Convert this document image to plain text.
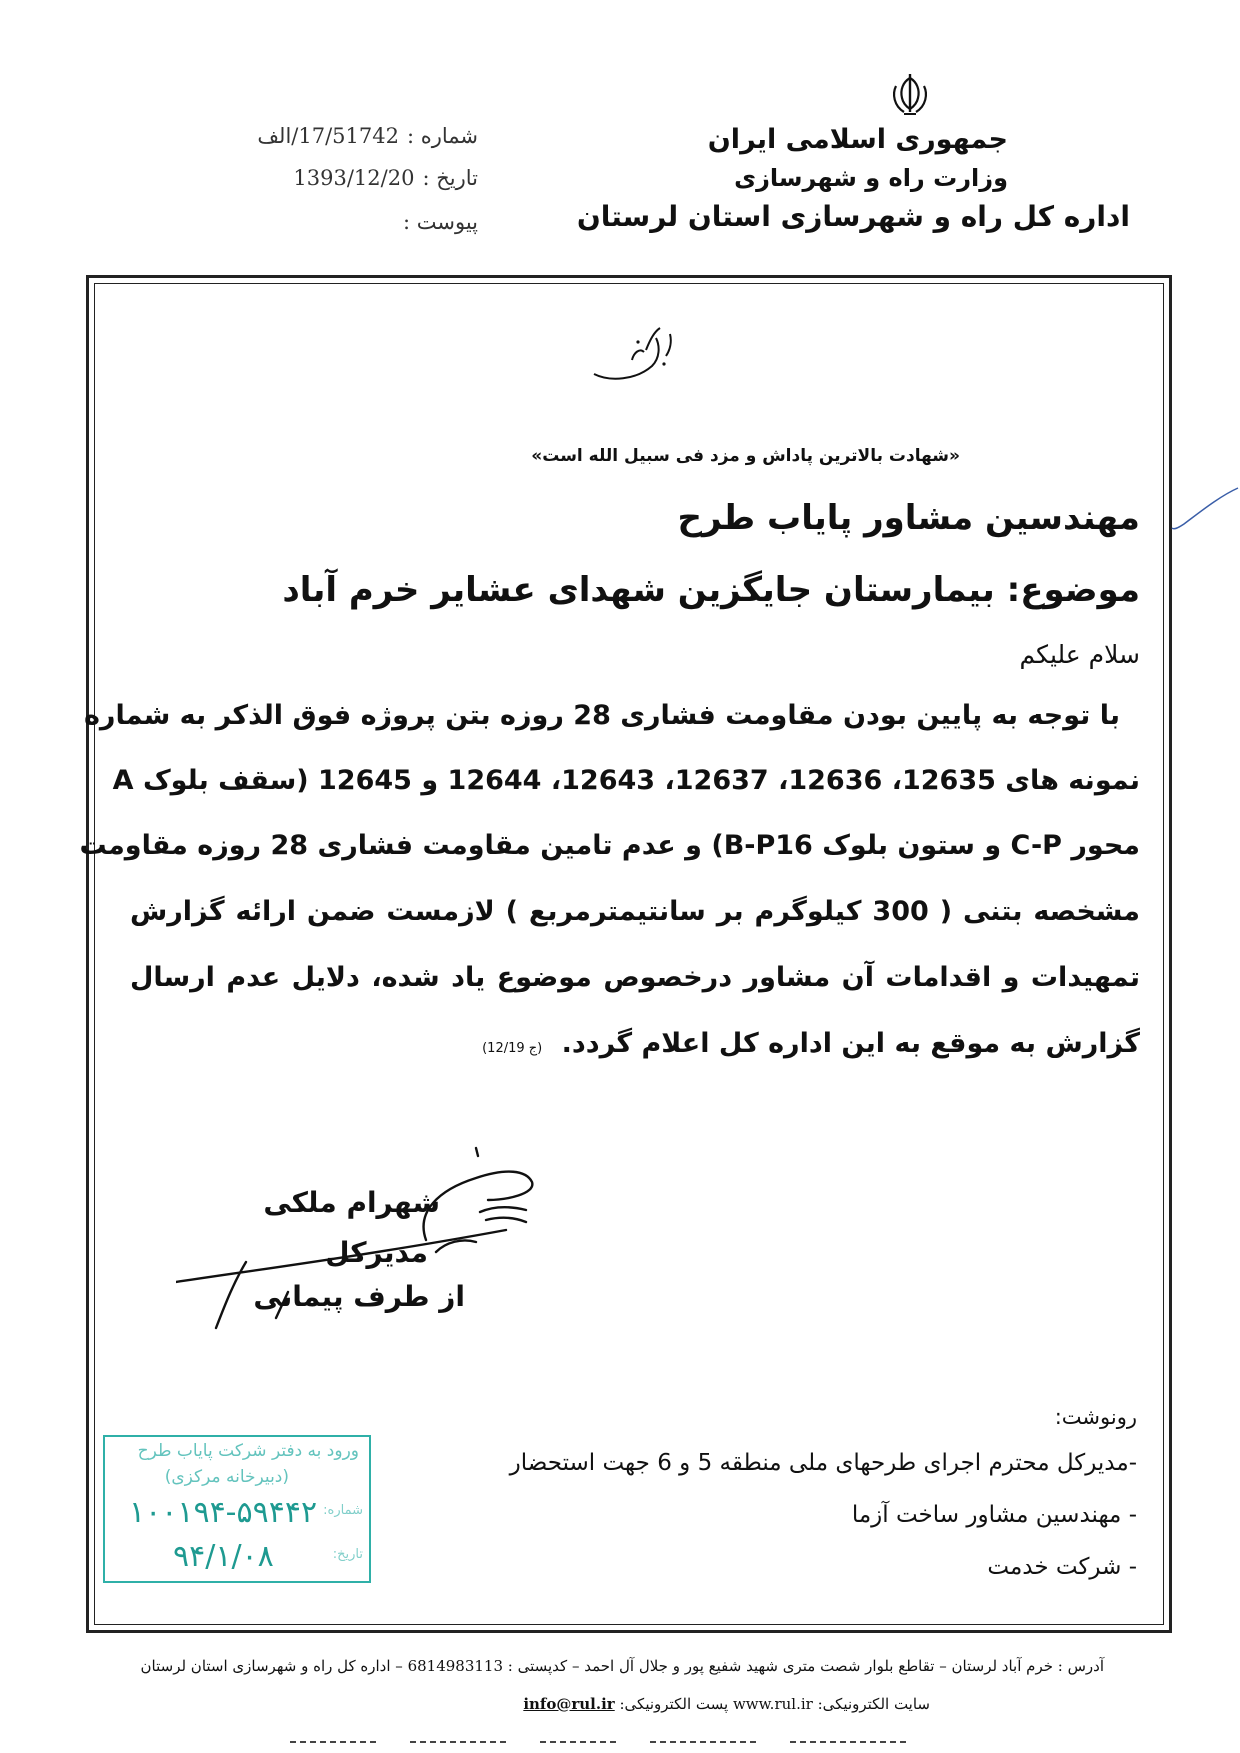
جمهوری اسلامی ایران
وزارت راه و شهرسازی
اداره کل راه و شهرسازی استان لرستان
شماره :
17/51742/الف
تاریخ :
1393/12/20
پیوست :
«شهادت بالاترین پاداش و مزد فی سبیل الله است»
مهندسین مشاور پایاب طرح
موضوع: بیمارستان جایگزین شهدای عشایر خرم آباد
سلام علیکم
با توجه به پایین بودن مقاومت فشاری 28 روزه بتن پروژه فوق الذکر به شماره
نمونه های 12635، 12636، 12637، 12643، 12644 و 12645 (سقف بلوک A
محور C-P و ستون بلوک B-P16) و عدم تامین مقاومت فشاری 28 روزه مقاومت
مشخصه بتنی ( 300 کیلوگرم بر سانتیمترمربع ) لازمست ضمن ارائه گزارش
تمهیدات و اقدامات آن مشاور درخصوص موضوع یاد شده، دلایل عدم ارسال
گزارش به موقع به این اداره کل اعلام گردد. (ج 12/19)
شهرام ملکی
مدیرکل
از طرف پیمانی
رونوشت:
-مدیرکل محترم اجرای طرحهای ملی منطقه 5 و 6 جهت استحضار
- مهندسین مشاور ساخت آزما
- شرکت خدمت
ورود به دفتر شرکت پایاب طرح
(دبیرخانه مرکزی)
شماره:
تاریخ:
۱۰۰۱۹۴-۵۹۴۴۲
۹۴/۱/۰۸
آدرس : خرم آباد لرستان – تقاطع بلوار شصت متری شهید شفیع پور و جلال آل احمد – کدپستی : 6814983113 – اداره کل راه و شهرسازی استان لرستان
سایت الکترونیکی: www.rul.ir پست الکترونیکی: info@rul.ir
